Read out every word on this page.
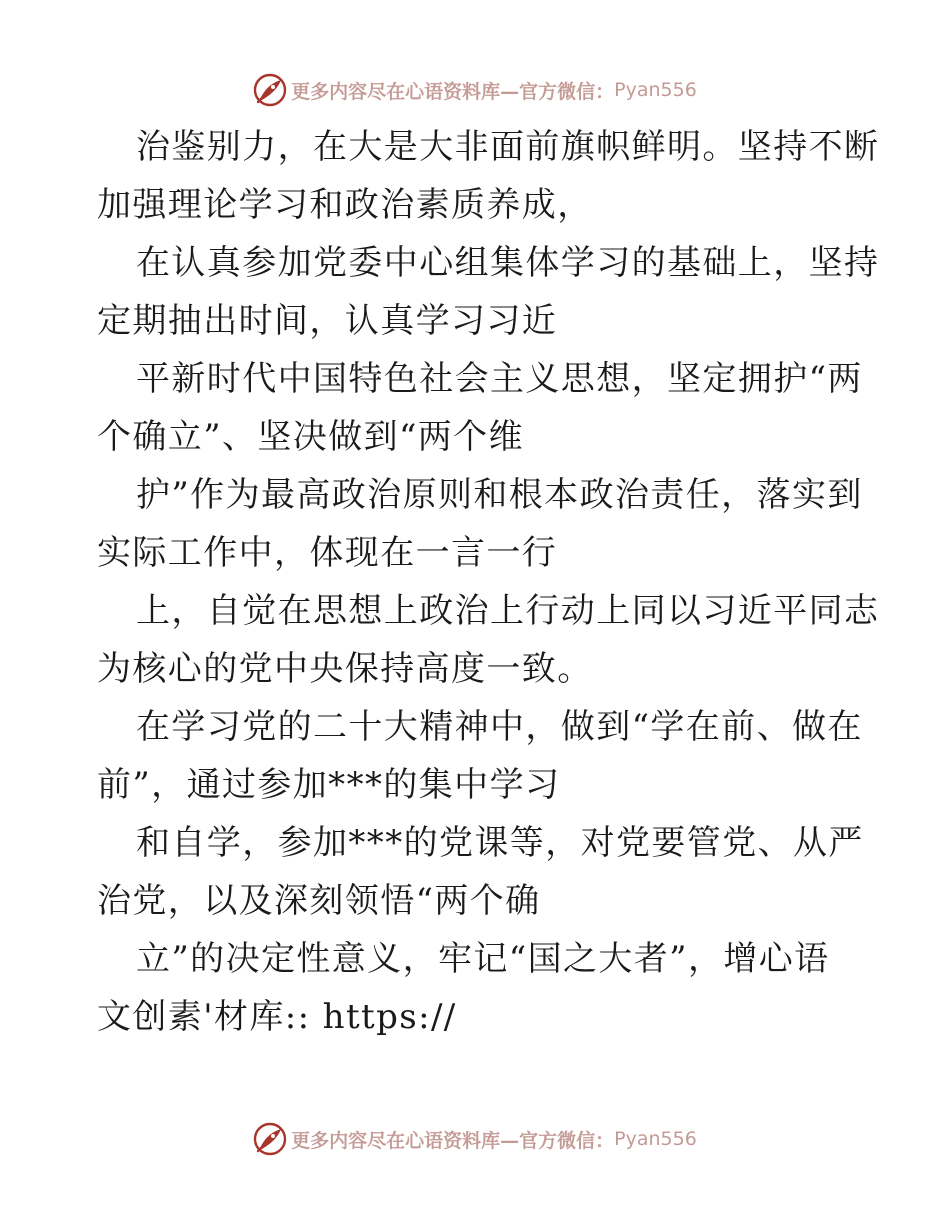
更多内容尽在心语资料库—官方微信： Pyan556
治鉴别力，在大是大非面前旗帜鲜明。坚持不断
加强理论学习和政治素质养成，
在认真参加党委中心组集体学习的基础上，坚持
定期抽出时间，认真学习习近
平新时代中国特色社会主义思想，坚定拥护“两
个确立”、坚决做到“两个维
护”作为最高政治原则和根本政治责任，落实到
实际工作中，体现在一言一行
上，自觉在思想上政治上行动上同以习近平同志
为核心的党中央保持高度一致。
在学习党的二十大精神中，做到“学在前、做在
前”，通过参加***的集中学习
和自学，参加***的党课等，对党要管党、从严
治党，以及深刻领悟“两个确
立”的决定性意义，牢记“国之大者”，增心语
文创素'材库:: https://
更多内容尽在心语资料库—官方微信： Pyan556
